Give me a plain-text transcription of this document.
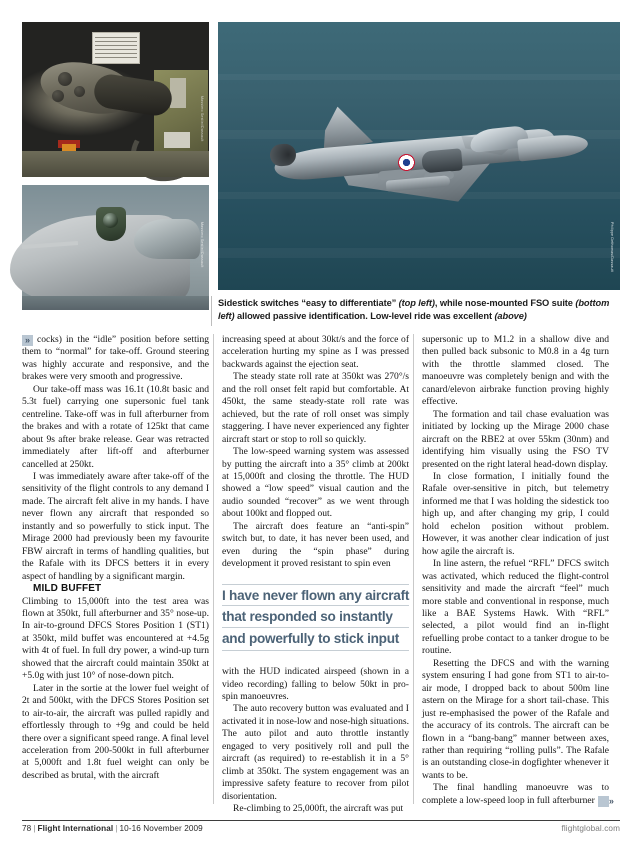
Massimo Sestini/Dassault
Massimo Sestini/Dassault	Philippe Dethomas/Dassault
Sidestick switches “easy to differentiate” (top left), while nose-mounted FSO suite (bottom left) allowed passive identification. Low-level ride was excellent (above)

» cocks) in the “idle” position before setting them to “normal” for take-off. Ground steering was highly accurate and responsive, and the brakes were very smooth and progressive.

Our take-off mass was 16.1t (10.8t basic and 5.3t fuel) carrying one supersonic fuel tank centreline. Take-off was in full afterburner from the brakes and with a rotate of 125kt that came about 9s after brake release. Gear was retracted immediately after lift-off and afterburner cancelled at 250kt.

I was immediately aware after take-off of the sensitivity of the flight controls to any demand I made. The aircraft felt alive in my hands. I have never flown any aircraft that responded so instantly and so powerfully to stick input. The Mirage 2000 had previously been my favourite FBW aircraft in terms of handling qualities, but the Rafale with its DFCS betters it in every aspect of handling by a significant margin.

MILD BUFFET

Climbing to 15,000ft into the test area was flown at 350kt, full afterburner and 35° nose-up. In air-to-ground DFCS Stores Position 1 (ST1) at 350kt, mild buffet was encountered at +4.5g with 4t of fuel. In full dry power, a wind-up turn showed that the aircraft could maintain 350kt at +5.0g with just 10° of nose-down pitch.

Later in the sortie at the lower fuel weight of 2t and 500kt, with the DFCS Stores Position set to air-to-air, the aircraft was pulled rapidly and effortlessly through to +9g and could be held there over a significant speed range. A final level acceleration from 200-500kt in full afterburner at 5,000ft and 1.8t fuel weight can only be described as brutal, with the aircraft

increasing speed at about 30kt/s and the force of acceleration hurting my spine as I was pressed backwards against the ejection seat.

The steady state roll rate at 350kt was 270°/s and the roll onset felt rapid but comfortable. At 450kt, the same steady-state roll rate was achieved, but the rate of roll onset was simply staggering. I have never experienced any fighter aircraft start or stop to roll so quickly.

The low-speed warning system was assessed by putting the aircraft into a 35° climb at 200kt at 15,000ft and closing the throttle. The HUD showed a “low speed” visual caution and the audio sounded “recover” as we went through about 100kt and flopped out.

The aircraft does feature an “anti-spin” switch but, to date, it has never been used, and even during the “spin phase” during development it proved resistant to spin even

I have never flown any aircraft
that responded so instantly
and powerfully to stick input

with the HUD indicated airspeed (shown in a video recording) falling to below 50kt in pro-spin manoeuvres.

The auto recovery button was evaluated and I activated it in nose-low and nose-high situations. The auto pilot and auto throttle instantly engaged to very positively roll and pull the aircraft (as required) to re-establish it in a 5° climb at 350kt. The system engagement was an impressive safety feature to recover from pilot disorientation.

Re-climbing to 25,000ft, the aircraft was put

supersonic up to M1.2 in a shallow dive and then pulled back subsonic to M0.8 in a 4g turn with the throttle slammed closed. The manoeuvre was completely benign and with the canard/elevon airbrake function proving highly effective.

The formation and tail chase evaluation was initiated by locking up the Mirage 2000 chase aircraft on the RBE2 at over 55km (30nm) and identifying him visually using the FSO TV presented on the right lateral head-down display.

In close formation, I initially found the Rafale over-sensitive in pitch, but telemetry informed me that I was holding the sidestick too high up, and after changing my grip, I could hold echelon position without problem. However, it was another clear indication of just how agile the aircraft is.

In line astern, the refuel “RFL” DFCS switch was activated, which reduced the flight-control sensitivity and made the aircraft “feel” much more stable and conventional in response, much like a BAE Systems Hawk. With “RFL” selected, a pilot would find an in-flight refuelling probe contact to a tanker drogue to be routine.

Resetting the DFCS and with the warning system ensuring I had gone from ST1 to air-to-air mode, I dropped back to about 500m line astern on the Mirage for a short tail-chase. This just re-emphasised the power of the Rafale and the accuracy of its controls. The aircraft can be flown in a “bang-bang” manner between axes, rather than requiring “rolling pulls”. The Rafale is an outstanding close-in dogfighter whenever it wants to be.

The final handling manoeuvre was to complete a low-speed loop in full afterburner »

78 | Flight International | 10-16 November 2009	flightglobal.com
